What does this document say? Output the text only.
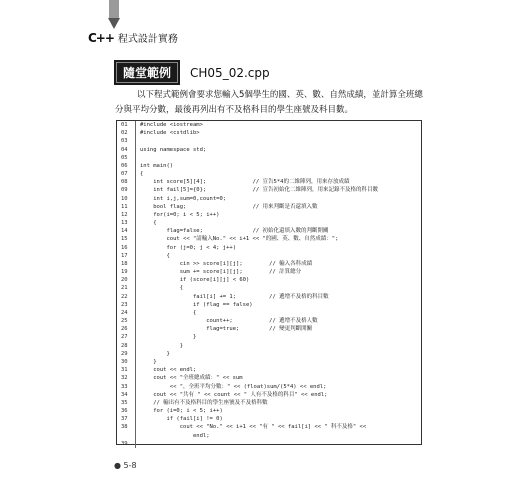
C++ 程式設計實務
隨堂範例	CH05_02.cpp

以下程式範例會要求您輸入5個學生的國、英、數、自然成績，並計算全班總分與平均分數，最後再列出有不及格科目的學生座號及科目數。

01	#include <iostream>
02	#include <cstdlib>
03
04	using namespace std;
05
06	int main()
07	{
08	int score[5][4];              // 宣告5*4的二維陣列，用來存放成績
09	int fail[5]={0};              // 宣告初始化二維陣列，用來記錄不及格的科目數
10	int i,j,sum=0,count=0;
11	bool flag;                    // 用來判斷是否還填入數
12	for(i=0; i < 5; i++)
13	{
14	flag=false;               // 初始化還填入數的判斷開關
15	cout << "請輸入No." << i+1 << "的國、英、數、自然成績：";
16	for (j=0; j < 4; j++)
17	{
18	cin >> score[i][j];        // 輸入各科成績
19	sum += score[i][j];        // 計算總分
20	if (score[i][j] < 60)
21	{
22	fail[i] += 1;          // 遞增不及格的科目數
23	if (flag == false)
24	{
25	count++;           // 遞增不及格人數
26	flag=true;         // 變更判斷開關
27	}
28	}
29	}
30	}
31	cout << endl;
32	cout << "全班總成績：" << sum
33	<< "，全班平均分數：" << (float)sum/(5*4) << endl;
34	cout << "共有 " << count << " 人有不及格的科目" << endl;
35	// 輸出有不及格科目的學生座號及不及格科數
36	for (i=0; i < 5; i++)
37	if (fail[i] != 0)
38	cout << "No." << i+1 << "有 " << fail[i] << " 科不及格" <<
endl;
39
● 5-8
